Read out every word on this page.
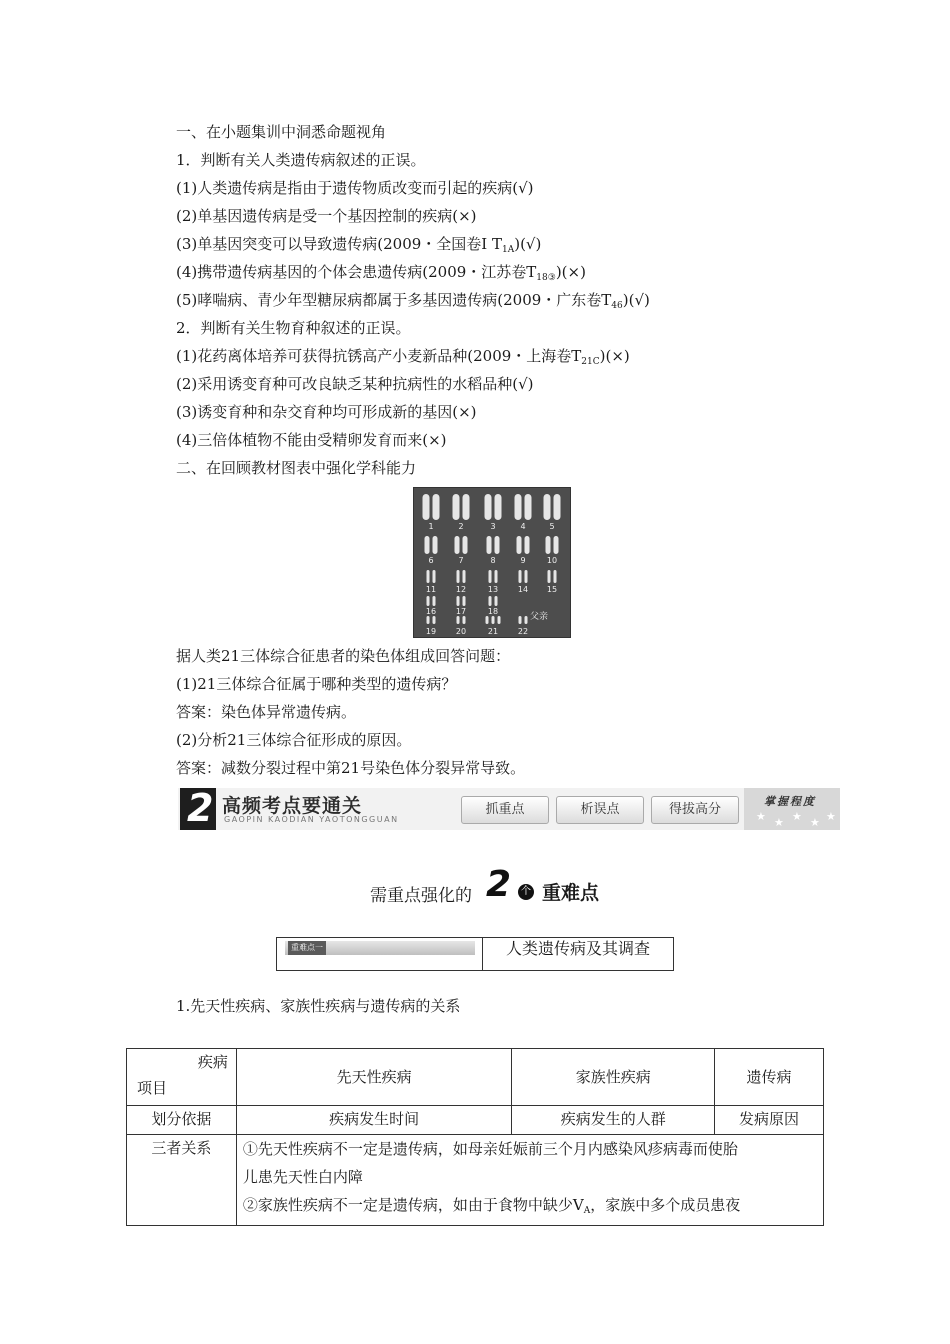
一、在小题集训中洞悉命题视角
1．判断有关人类遗传病叙述的正误。
(1)人类遗传病是指由于遗传物质改变而引起的疾病(√)
(2)单基因遗传病是受一个基因控制的疾病(×)
(3)单基因突变可以导致遗传病(2009・全国卷Ⅰ $T_{1A})(√)$
(4)携带遗传病基因的个体会患遗传病(2009・江苏卷$T_{18③})(\times)$
(5)哮喘病、青少年型糖尿病都属于多基因遗传病(2009・广东卷$T_{46})(√)$
2．判断有关生物育种叙述的正误。
(1)花药离体培养可获得抗锈高产小麦新品种(2009・上海卷$T_{21C})(\times)$
(2)采用诱变育种可改良缺乏某种抗病性的水稻品种(√)
(3)诱变育种和杂交育种均可形成新的基因(×)
(4)三倍体植物不能由受精卵发育而来(×)
二、在回顾教材图表中强化学科能力
1	2	3	4	5
6	7	8	9	10
11 12	13 14 15
16 17	18
19 20	21 22
父亲
据人类21三体综合征患者的染色体组成回答问题：
(1)21三体综合征属于哪种类型的遗传病？
答案：染色体异常遗传病。
(2)分析21三体综合征形成的原因。
答案：减数分裂过程中第21号染色体分裂异常导致。
2 高频考点要通关
GAOPIN KAODIAN YAOTONGGUAN
抓重点	析误点	得拔高分
掌握程度
★ ★ ★ ★ ★
需重点强化的 2 个 重难点
重难点一	人类遗传病及其调查
1.先天性疾病、家族性疾病与遗传病的关系
疾病
项目	先天性疾病	家族性疾病	遗传病
划分依据	疾病发生时间	疾病发生的人群	发病原因
三者关系	①先天性疾病不一定是遗传病，如母亲妊娠前三个月内感染风疹病毒而使胎
儿患先天性白内障
②家族性疾病不一定是遗传病，如由于食物中缺少$V_A$，家族中多个成员患夜		
